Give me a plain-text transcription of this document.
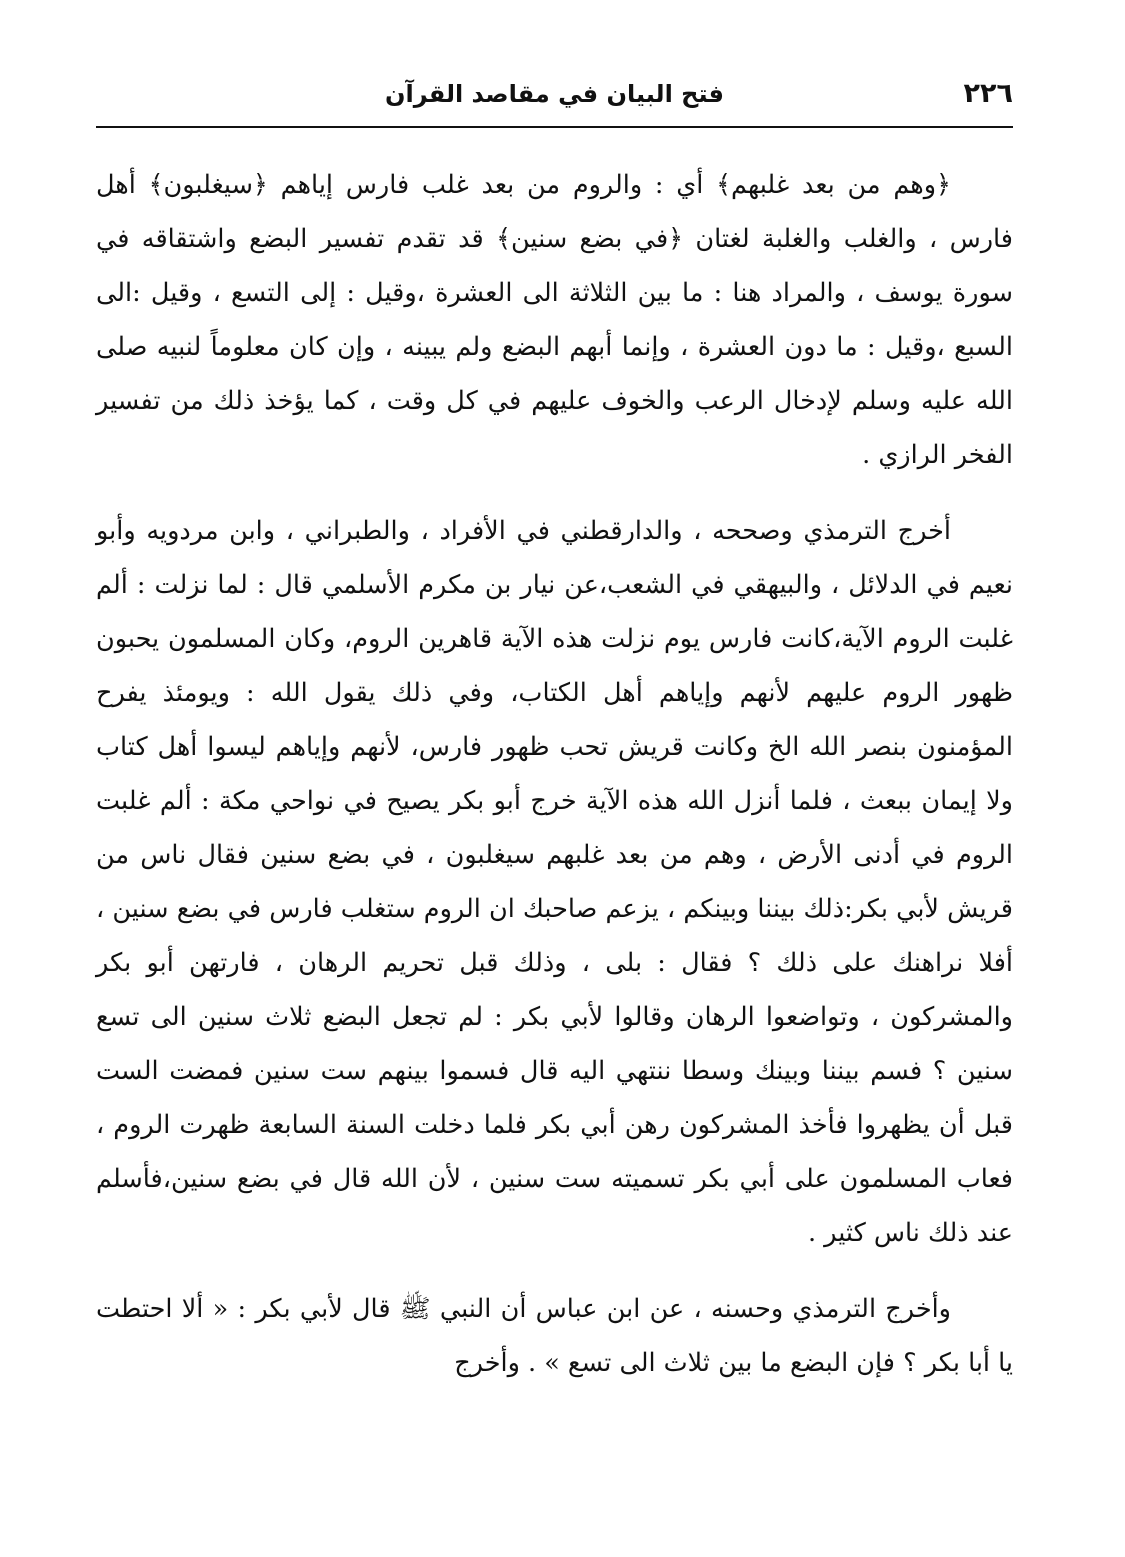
٢٢٦
فتح البيان في مقاصد القرآن

﴿وهم من بعد غلبهم﴾ أي : والروم من بعد غلب فارس إياهم ﴿سيغلبون﴾ أهل فارس ، والغلب والغلبة لغتان ﴿في بضع سنين﴾ قد تقدم تفسير البضع واشتقاقه في سورة يوسف ، والمراد هنا : ما بين الثلاثة الى العشرة ،وقيل : إلى التسع ، وقيل :الى السبع ،وقيل : ما دون العشرة ، وإنما أبهم البضع ولم يبينه ، وإن كان معلوماً لنبيه صلى الله عليه وسلم لإدخال الرعب والخوف عليهم في كل وقت ، كما يؤخذ ذلك من تفسير الفخر الرازي .

أخرج الترمذي وصححه ، والدارقطني في الأفراد ، والطبراني ، وابن مردويه وأبو نعيم في الدلائل ، والبيهقي في الشعب،عن نيار بن مكرم الأسلمي قال : لما نزلت : ألم غلبت الروم الآية،كانت فارس يوم نزلت هذه الآية قاهرين الروم، وكان المسلمون يحبون ظهور الروم عليهم لأنهم وإياهم أهل الكتاب، وفي ذلك يقول الله : ويومئذ يفرح المؤمنون بنصر الله الخ وكانت قريش تحب ظهور فارس، لأنهم وإياهم ليسوا أهل كتاب ولا إيمان ببعث ، فلما أنزل الله هذه الآية خرج أبو بكر يصيح في نواحي مكة : ألم غلبت الروم في أدنى الأرض ، وهم من بعد غلبهم سيغلبون ، في بضع سنين فقال ناس من قريش لأبي بكر:ذلك بيننا وبينكم ، يزعم صاحبك ان الروم ستغلب فارس في بضع سنين ، أفلا نراهنك على ذلك ؟ فقال : بلى ، وذلك قبل تحريم الرهان ، فارتهن أبو بكر والمشركون ، وتواضعوا الرهان وقالوا لأبي بكر : لم تجعل البضع ثلاث سنين الى تسع سنين ؟ فسم بيننا وبينك وسطا ننتهي اليه قال فسموا بينهم ست سنين فمضت الست قبل أن يظهروا فأخذ المشركون رهن أبي بكر فلما دخلت السنة السابعة ظهرت الروم ، فعاب المسلمون على أبي بكر تسميته ست سنين ، لأن الله قال في بضع سنين،فأسلم عند ذلك ناس كثير .

وأخرج الترمذي وحسنه ، عن ابن عباس أن النبي ﷺ قال لأبي بكر : « ألا احتطت يا أبا بكر ؟ فإن البضع ما بين ثلاث الى تسع » . وأخرج
